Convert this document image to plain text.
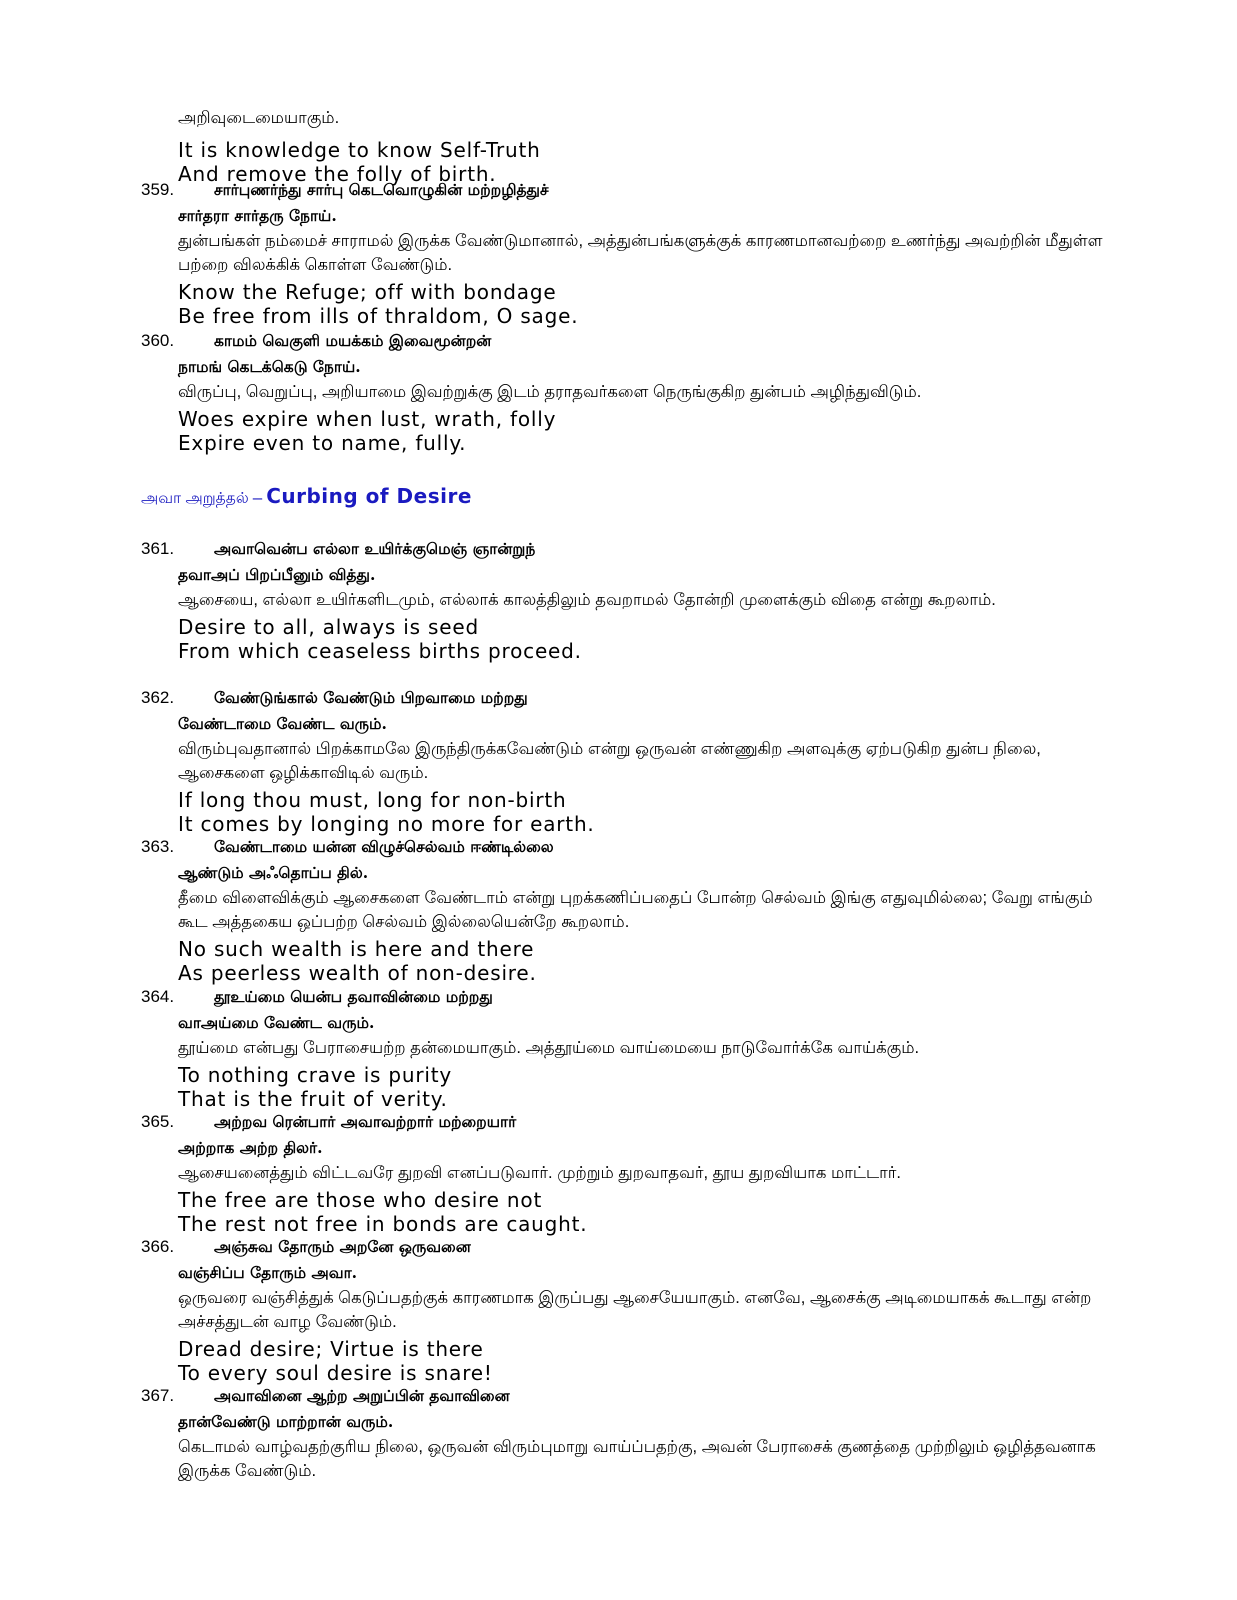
அறிவுடைமையாகும்.
It is knowledge to know Self-Truth
And remove the folly of birth.
359.	சார்புணர்ந்து சார்பு கெடவொழுகின் மற்றழித்துச்
சார்தரா சார்தரு நோய்.
துன்பங்கள் நம்மைச் சாராமல் இருக்க வேண்டுமானால், அத்துன்பங்களுக்குக் காரணமானவற்றை உணர்ந்து அவற்றின் மீதுள்ள பற்றை விலக்கிக் கொள்ள வேண்டும்.
Know the Refuge; off with bondage
Be free from ills of thraldom, O sage.
360.	காமம் வெகுளி மயக்கம் இவைமூன்றன்
நாமங் கெடக்கெடு நோய்.
விருப்பு, வெறுப்பு, அறியாமை இவற்றுக்கு இடம் தராதவர்களை நெருங்குகிற துன்பம் அழிந்துவிடும்.
Woes expire when lust, wrath, folly
Expire even to name, fully.
அவா அறுத்தல் – Curbing of Desire
361.	அவாவென்ப எல்லா உயிர்க்குமெஞ் ஞான்றுந்
தவாஅப் பிறப்பீனும் வித்து.
ஆசையை, எல்லா உயிர்களிடமும், எல்லாக் காலத்திலும் தவறாமல் தோன்றி முளைக்கும் விதை என்று கூறலாம்.
Desire to all, always is seed
From which ceaseless births proceed.
362.	வேண்டுங்கால் வேண்டும் பிறவாமை மற்றது
வேண்டாமை வேண்ட வரும்.
விரும்புவதானால் பிறக்காமலே இருந்திருக்கவேண்டும் என்று ஒருவன் எண்ணுகிற அளவுக்கு ஏற்படுகிற துன்ப நிலை, ஆசைகளை ஒழிக்காவிடில் வரும்.
If long thou must, long for non-birth
It comes by longing no more for earth.
363.	வேண்டாமை யன்ன விழுச்செல்வம் ஈண்டில்லை
ஆண்டும் அஃதொப்ப தில்.
தீமை விளைவிக்கும் ஆசைகளை வேண்டாம் என்று புறக்கணிப்பதைப் போன்ற செல்வம் இங்கு எதுவுமில்லை; வேறு எங்கும் கூட அத்தகைய ஒப்பற்ற செல்வம் இல்லையென்றே கூறலாம்.
No such wealth is here and there
As peerless wealth of non-desire.
364.	தூஉய்மை யென்ப தவாவின்மை மற்றது
வாஅய்மை வேண்ட வரும்.
தூய்மை என்பது பேராசையற்ற தன்மையாகும். அத்தூய்மை வாய்மையை நாடுவோர்க்கே வாய்க்கும்.
To nothing crave is purity
That is the fruit of verity.
365.	அற்றவ ரென்பார் அவாவற்றார் மற்றையார்
அற்றாக அற்ற திலர்.
ஆசையனைத்தும் விட்டவரே துறவி எனப்படுவார். முற்றும் துறவாதவர், தூய துறவியாக மாட்டார்.
The free are those who desire not
The rest not free in bonds are caught.
366.	அஞ்சுவ தோரும் அறனே ஒருவனை
வஞ்சிப்ப தோரும் அவா.
ஒருவரை வஞ்சித்துக் கெடுப்பதற்குக் காரணமாக இருப்பது ஆசையேயாகும். எனவே, ஆசைக்கு அடிமையாகக் கூடாது என்ற அச்சத்துடன் வாழ வேண்டும்.
Dread desire; Virtue is there
To every soul desire is snare!
367.	அவாவினை ஆற்ற அறுப்பின் தவாவினை
தான்வேண்டு மாற்றான் வரும்.
கெடாமல் வாழ்வதற்குரிய நிலை, ஒருவன் விரும்புமாறு வாய்ப்பதற்கு, அவன் பேராசைக் குணத்தை முற்றிலும் ஒழித்தவனாக இருக்க வேண்டும்.
